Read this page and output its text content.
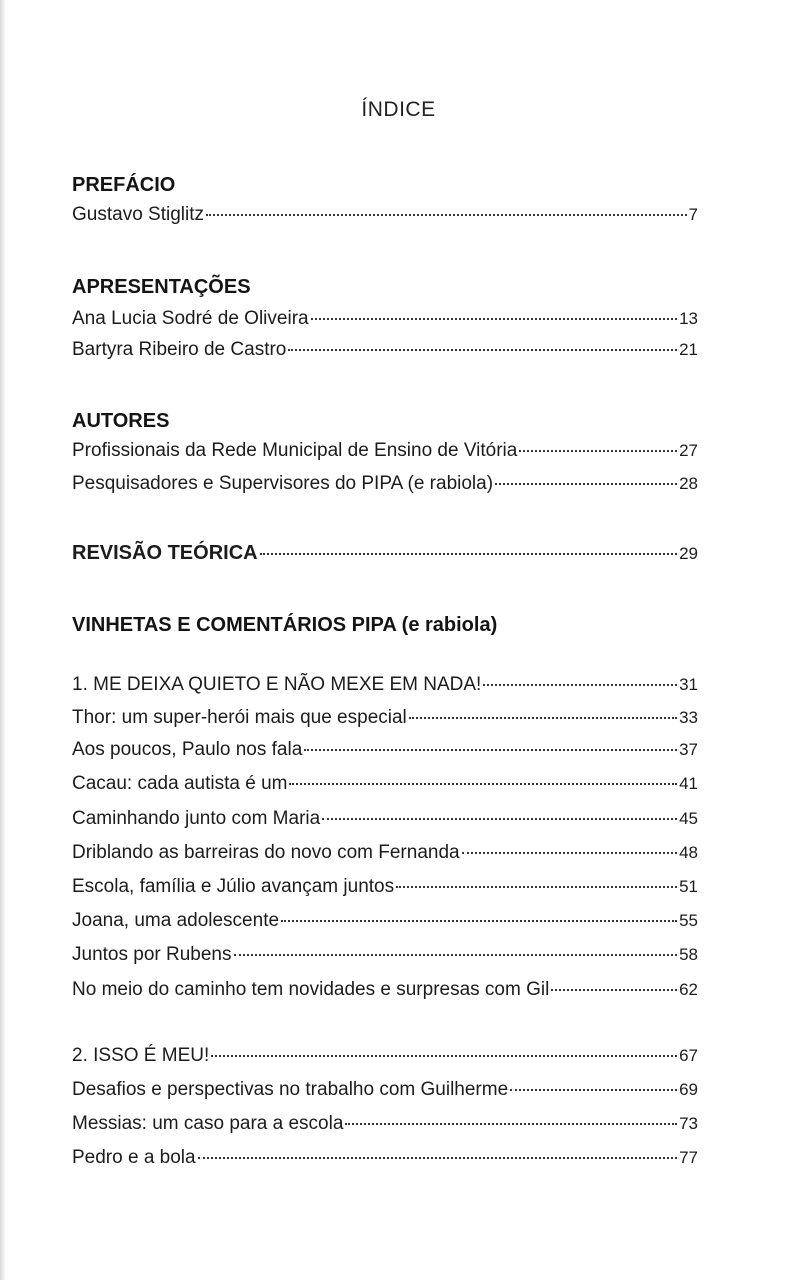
ÍNDICE
PREFÁCIO
Gustavo Stiglitz	7
APRESENTAÇÕES
Ana Lucia Sodré de Oliveira	13
Bartyra Ribeiro de Castro	21
AUTORES
Profissionais da Rede Municipal de Ensino de Vitória	27
Pesquisadores e Supervisores do PIPA (e rabiola)	28
REVISÃO TEÓRICA	29
VINHETAS E COMENTÁRIOS PIPA (e rabiola)
1. ME DEIXA QUIETO E NÃO MEXE EM NADA!	31
Thor: um super-herói mais que especial	33
Aos poucos, Paulo nos fala	37
Cacau: cada autista é um	41
Caminhando junto com Maria	45
Driblando as barreiras do novo com Fernanda	48
Escola, família e Júlio avançam juntos	51
Joana, uma adolescente	55
Juntos por Rubens	58
No meio do caminho tem novidades e surpresas com Gil	62
2. ISSO É MEU!	67
Desafios e perspectivas no trabalho com Guilherme	69
Messias: um caso para a escola	73
Pedro e a bola	77
